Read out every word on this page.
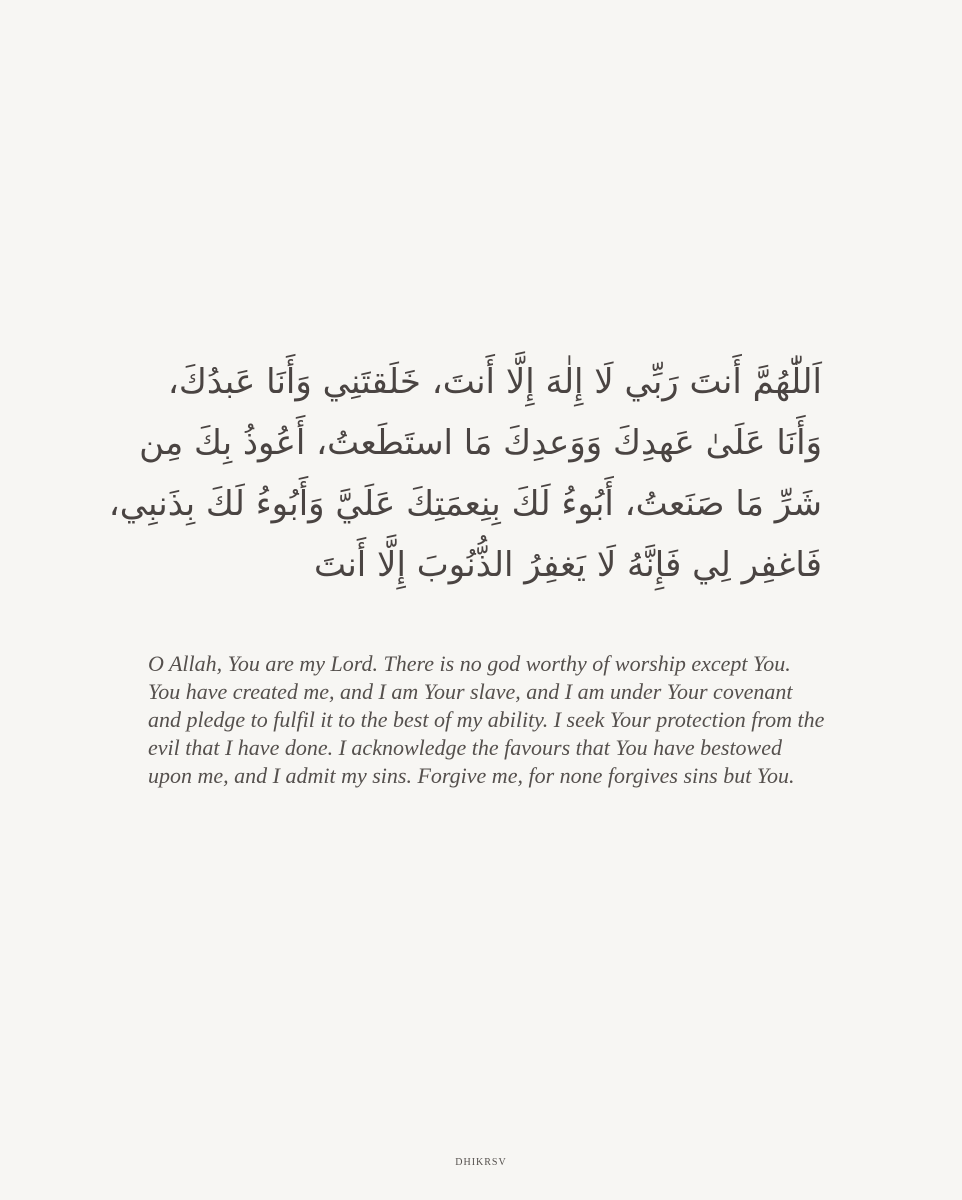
اَللّٰهُمَّ أَنتَ رَبِّي لَا إِلٰهَ إِلَّا أَنتَ، خَلَقتَنِي وَأَنَا عَبدُكَ،
وَأَنَا عَلَىٰ عَهدِكَ وَوَعدِكَ مَا استَطَعتُ، أَعُوذُ بِكَ مِن
شَرِّ مَا صَنَعتُ، أَبُوءُ لَكَ بِنِعمَتِكَ عَلَيَّ وَأَبُوءُ لَكَ بِذَنبِي،
فَاغفِر لِي فَإِنَّهُ لَا يَغفِرُ الذُّنُوبَ إِلَّا أَنتَ

O Allah, You are my Lord. There is no god worthy of worship except You. You have created me, and I am Your slave, and I am under Your covenant and pledge to fulfil it to the best of my ability. I seek Your protection from the evil that I have done. I acknowledge the favours that You have bestowed upon me, and I admit my sins. Forgive me, for none forgives sins but You.

DHIKRSV
